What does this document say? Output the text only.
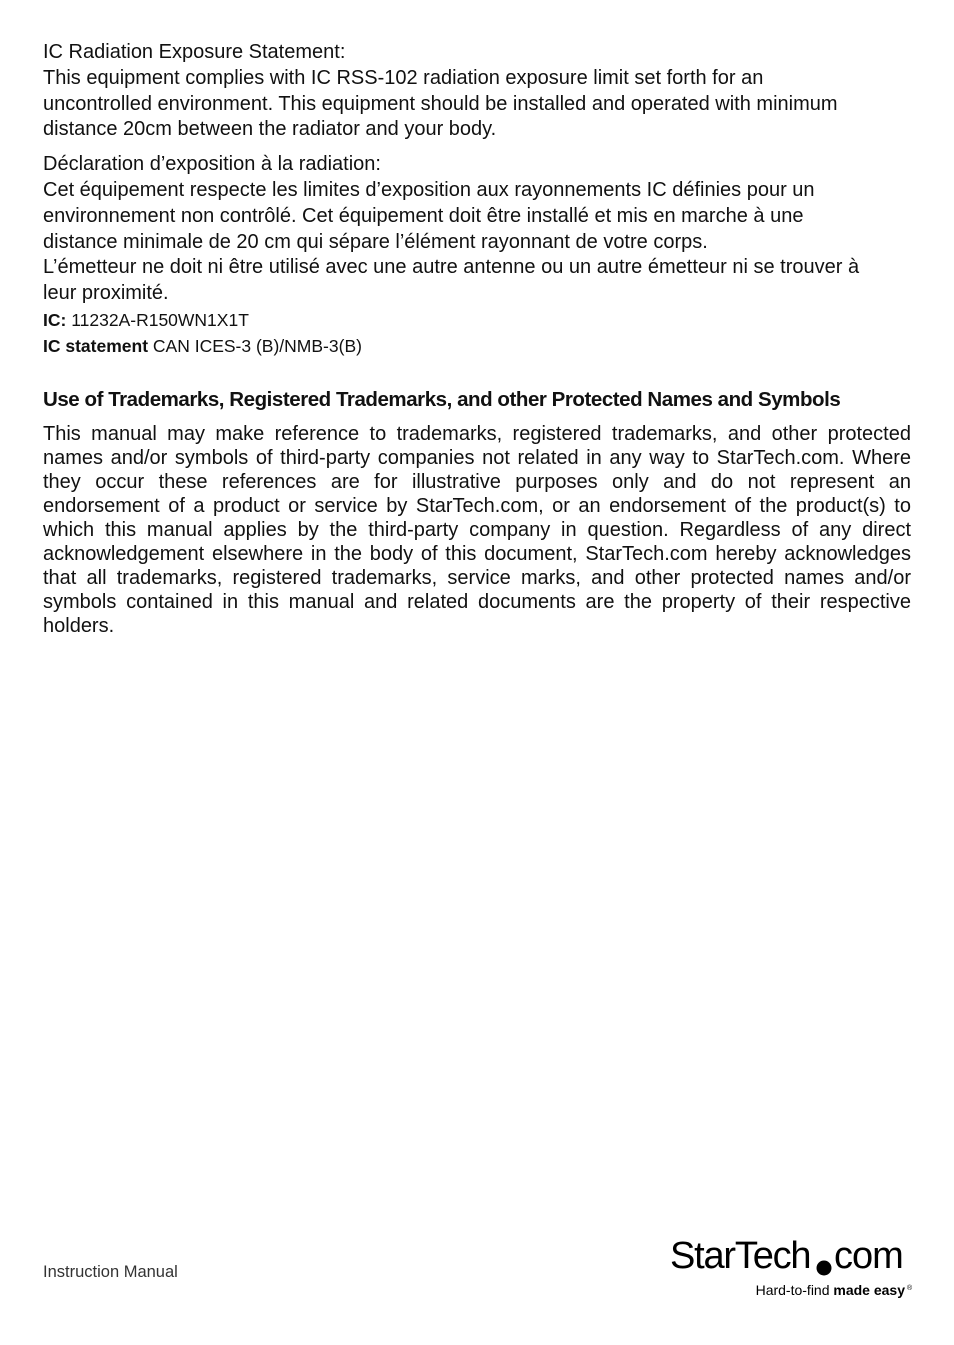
IC Radiation Exposure Statement:

This equipment complies with IC RSS-102 radiation exposure limit set forth for an

uncontrolled environment. This equipment should be installed and operated with minimum

distance 20cm between the radiator and your body.

Déclaration d’exposition à la radiation:

Cet équipement respecte les limites d’exposition aux rayonnements IC définies pour un

environnement non contrôlé. Cet équipement doit être installé et mis en marche à une

distance minimale de 20 cm qui sépare l’élément rayonnant de votre corps.

L’émetteur ne doit ni être utilisé avec une autre antenne ou un autre émetteur ni se trouver à

leur proximité.

IC: 11232A-R150WN1X1T

IC statement CAN ICES-3 (B)/NMB-3(B)

Use of Trademarks, Registered Trademarks, and other Protected Names and Symbols

This manual may make reference to trademarks, registered trademarks, and other protected names and/or symbols of third-party companies not related in any way to StarTech.com. Where they occur these references are for illustrative purposes only and do not represent an endorsement of a product or service by StarTech.com, or an endorsement of the product(s) to which this manual applies by the third-party company in question. Regardless of any direct acknowledgement elsewhere in the body of this document, StarTech.com hereby acknowledges that all trademarks, registered trademarks, service marks, and other protected names and/or symbols contained in this manual and related documents are the property of their respective holders.

Instruction Manual	StarTech com
Hard-to-find made easy ®
